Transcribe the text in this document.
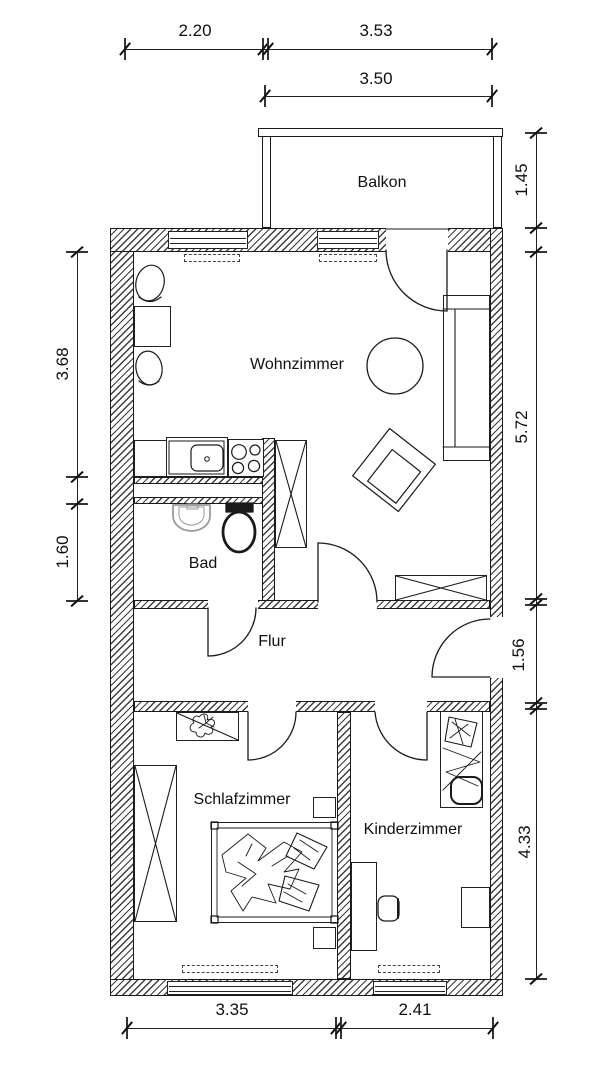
2.20	3.53
3.50
3.35	2.41
3.68
1.60
1.45
5.72
1.56
4.33
Balkon
Wohnzimmer
Bad
Flur
Schlafzimmer
Kinderzimmer
